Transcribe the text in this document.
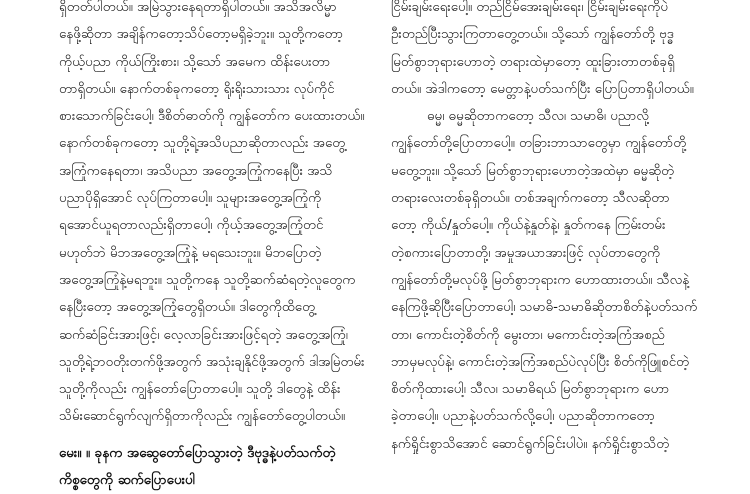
ရှိတတ်ပါတယ်။ အမြဲသွားနေရတာရှိပါတယ်။ အသိအလိမ္မာ
နေဖို့ဆိုတာ အချိန်ကတော့သိပ်တော့မရှိခဲ့ဘူး။ သူတို့ကတော့
ကိုယ့်ပညာ ကိုယ်ကြိုးစား၊ သို့သော် အမေက ထိန်းပေးတာ
တာရှိတယ်။ နောက်တစ်ခုကတော့ ရိုးရိုးသားသား လုပ်ကိုင်
စားသောက်ခြင်းပေါ့၊ ဒီစိတ်ဓာတ်ကို ကျွန်တော်က ပေးထားတယ်။
နောက်တစ်ခုကတော့ သူတို့ရဲ့အသိပညာဆိုတာလည်း အတွေ့
အကြုံကနေရတာ၊ အသိပညာ အတွေ့အကြုံကနေပြီး အသိ
ပညာပိုရှိအောင် လုပ်ကြတာပေါ့။ သူများအတွေ့အကြုံကို
ရအောင်ယူရတာလည်းရှိတာပေါ့၊ ကိုယ့်အတွေ့အကြုံတင်
မဟုတ်ဘဲ မိဘအတွေ့အကြုံနဲ့ မရသေးဘူး။ မိဘပြောတဲ့
အတွေ့အကြုံနဲ့မရဘူး။ သူတို့ကနေ သူတို့ဆက်ဆံရတဲ့လူတွေက
နေပြီးတော့ အတွေ့အကြုံတွေရှိတယ်။ ဒါတွေကိုထိတွေ့
ဆက်ဆံခြင်းအားဖြင့်၊ လေ့လာခြင်းအားဖြင့်ရတဲ့ အတွေ့အကြုံ၊
သူတို့ရဲ့ဘဝတိုးတက်ဖို့အတွက် အသုံးချနိုင်ဖို့အတွက် ဒါအမြဲတမ်း
သူတို့ကိုလည်း ကျွန်တော်ပြောတာပေါ့။ သူတို့ ဒါတွေနဲ့ ထိန်း
သိမ်းဆောင်ရွက်လျက်ရှိတာကိုလည်း ကျွန်တော်တွေ့ပါတယ်။
မေး။ ။ ခုနက အဆွေတော်ပြောသွားတဲ့ ဒီဗုဒ္ဓနဲ့ပတ်သက်တဲ့
ကိစ္စတွေကို ဆက်ပြောပေးပါ
ငြိမ်းချမ်းရေးပေါ့။ တည်ငြိမ်အေးချမ်းရေး၊ ငြိမ်းချမ်းရေးကိုပဲ
ဦးတည်ပြီးသွားကြတာတွေ့တယ်။ သို့သော် ကျွန်တော်တို့ ဗုဒ္ဓ
မြတ်စွာဘုရားဟောတဲ့ တရားထဲမှာတော့ ထူးခြားတာတစ်ခုရှိ
တယ်။ အဲဒါကတော့ မေတ္တာနဲ့ပတ်သက်ပြီး ပြောပြတာရှိပါတယ်။
ဓမ္မ၊ ဓမ္မဆိုတာကတော့ သီလ၊ သမာဓိ၊ ပညာလို့
ကျွန်တော်တို့ပြောတာပေါ့။ တခြားဘာသာတွေမှာ ကျွန်တော်တို့
မတွေ့ဘူး။ သို့သော် မြတ်စွာဘုရားဟောတဲ့အထဲမှာ ဓမ္မဆိုတဲ့
တရားလေးတစ်ခုရှိတယ်။ တစ်အချက်ကတော့ သီလဆိုတာ
တော့ ကိုယ်/နှုတ်ပေါ့။ ကိုယ်နဲ့နှုတ်နဲ့၊ နှုတ်ကနေ ကြမ်းတမ်း
တဲ့စကားပြောတာတို့၊ အမှုအယာအားဖြင့် လုပ်တာတွေကို
ကျွန်တော်တို့မလုပ်ဖို့ မြတ်စွာဘုရားက ဟောထားတယ်။ သီလနဲ့
နေကြဖို့ဆိုပြီးပြောတာပေါ့၊ သမာဓိ-သမာဓိဆိုတာစိတ်နဲ့ပတ်သက်
တာ၊ ကောင်းတဲ့စိတ်ကို မွေးတာ၊ မကောင်းတဲ့အကြံအစည်
ဘာမှမလုပ်နဲ့၊ ကောင်းတဲ့အကြံအစည်ပဲလုပ်ပြီး စိတ်ကိုဖြူစင်တဲ့
စိတ်ကိုထားပေါ့၊ သီလ၊ သမာဓိရယ် မြတ်စွာဘုရားက ဟော
ခဲ့တာပေါ့။ ပညာနဲ့ပတ်သက်လို့ပေါ့၊ ပညာဆိုတာကတော့
နက်ရှိုင်းစွာသိအောင် ဆောင်ရွက်ခြင်းပါပဲ။ နက်ရှိုင်းစွာသိတဲ့
